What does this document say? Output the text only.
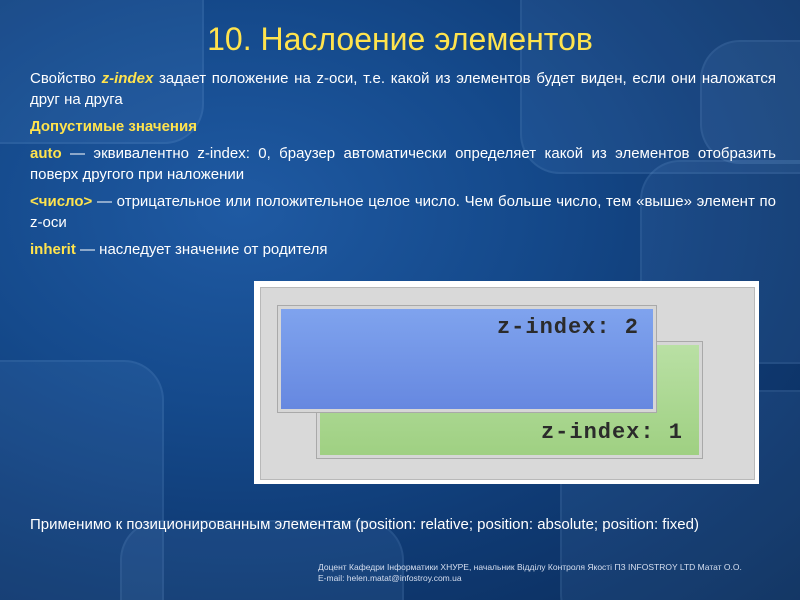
10. Наслоение элементов

Свойство z-index задает положение на z-оси, т.е. какой из элементов будет виден, если они наложатся друг на друга

Допустимые значения

auto — эквивалентно z-index: 0, браузер автоматически определяет какой из элементов отобразить поверх другого при наложении

<число> — отрицательное или положительное целое число. Чем больше число, тем «выше» элемент по z-оси

inherit — наследует значение от родителя

z-index: 1
z-index: 2
Применимо к позиционированным элементам (position: relative; position: absolute; position: fixed)
Доцент Кафедри Інформатики ХНУРЕ, начальник Відділу Контроля Якості ПЗ INFOSTROY LTD Матат О.О.
E-mail: helen.matat@infostroy.com.ua
